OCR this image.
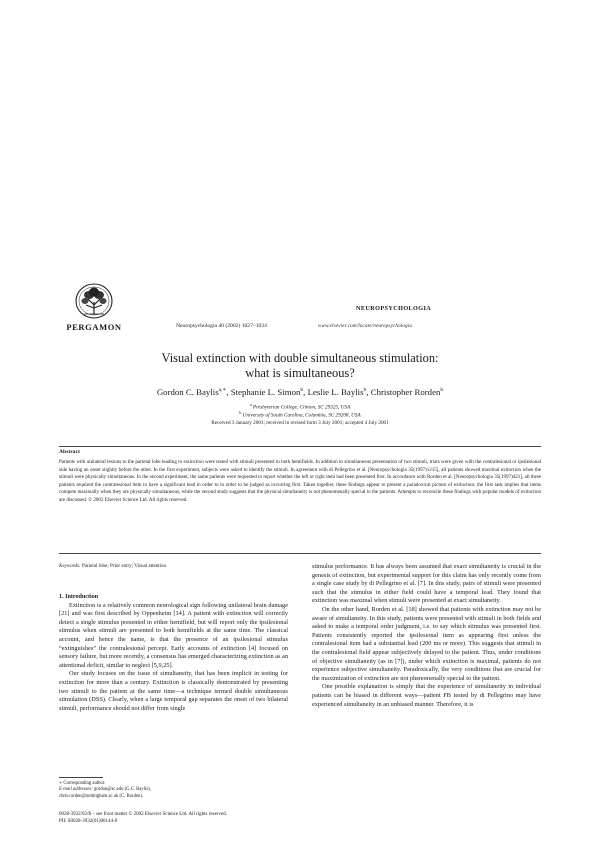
PERGAMON	Neuropsychologia 40 (2002) 1027–1034
NEUROPSYCHOLOGIA
www.elsevier.com/locate/neuropsychologia
Visual extinction with double simultaneous stimulation:
what is simultaneous?
Gordon C. Baylis$^{a,∗}$, Stephanie L. Simon$^b$, Leslie L. Baylis$^b$, Christopher Rorden$^b$
$^a$ Presbyterian College, Clinton, SC 29325, USA
$^b$ University of South Carolina, Columbia, SC 29208, USA
Received 3 January 2001; received in revised form 3 July 2001; accepted 4 July 2001
Abstract
Patients with unilateral lesions to the parietal lobe leading to extinction were tested with stimuli presented in both hemifields. In addition to simultaneous presentation of two stimuli, trials were given with the contralesional or ipsilesional side having an onset slightly before the other. In the first experiment, subjects were asked to identify the stimuli. In agreement with di Pellegrino et al. [Neuropsychologia 35(1997)1215], all patients showed maximal extinction when the stimuli were physically simultaneous. In the second experiment, the same patients were requested to report whether the left or right item had been presented first. In accordance with Rorden et al. [Neuropsychologia 35(1997)421], all three patients required the contralesional item to have a significant lead in order to in order to be judged as occurring first. Taken together, these findings appear to present a paradoxical picture of extinction: the first task implies that items compete maximally when they are physically simultaneous, while the second study suggests that the physical simultaneity is not phenomenally special to the patients. Attempts to reconcile these findings with popular models of extinction are discussed. © 2002 Elsevier Science Ltd. All rights reserved.
Keywords: Parietal lobe; Prior entry; Visual attention

1. Introduction

Extinction is a relatively common neurological sign following unilateral brain damage [21] and was first described by Oppenheim [14]. A patient with extinction will correctly detect a single stimulus presented in either hemifield, but will report only the ipsilesional stimulus when stimuli are presented to both hemifields at the same time. The classical account, and hence the name, is that the presence of an ipsilesional stimulus “extinguishes” the contralesional percept. Early accounts of extinction [4] focused on sensory failure, but more recently, a consensus has emerged characterizing extinction as an attentional deficit, similar to neglect [5,9,25].

Our study focuses on the issue of simultaneity, that has been implicit in testing for extinction for more than a century. Extinction is classically demonstrated by presenting two stimuli to the patient at the same time—a technique termed double simultaneous stimulation (DSS). Clearly, when a large temporal gap separates the onset of two bilateral stimuli, performance should not differ from single

stimulus performance. It has always been assumed that exact simultaneity is crucial in the genesis of extinction, but experimental support for this claim has only recently come from a single case study by di Pellegrino et al. [7]. In this study, pairs of stimuli were presented such that the stimulus in either field could have a temporal lead. They found that extinction was maximal when stimuli were presented at exact simultaneity.

On the other hand, Rorden et al. [18] showed that patients with extinction may not be aware of simultaneity. In this study, patients were presented with stimuli in both fields and asked to make a temporal order judgment, i.e. to say which stimulus was presented first. Patients consistently reported the ipsilesional item as appearing first unless the contralesional item had a substantial lead (200 ms or more). This suggests that stimuli in the contralesional field appear subjectively delayed to the patient. Thus, under conditions of objective simultaneity (as in [7]), under which extinction is maximal, patients do not experience subjective simultaneity. Paradoxically, the very conditions that are crucial for the maximization of extinction are not phenomenally special to the patient.

One possible explanation is simply that the experience of simultaneity in individual patients can be biased in different ways—patient FB tested by di Pellegrino may have experienced simultaneity in an unbiased manner. Therefore, it is

∗ Corresponding author.
E-mail addresses: gordon@sc.edu (G.C. Baylis),
chris.rorden@nottingham.ac.uk (C. Rorden).
0028-3932/02/$ – see front matter © 2002 Elsevier Science Ltd. All rights reserved.
PII: S0028-3932(01)00144-0
